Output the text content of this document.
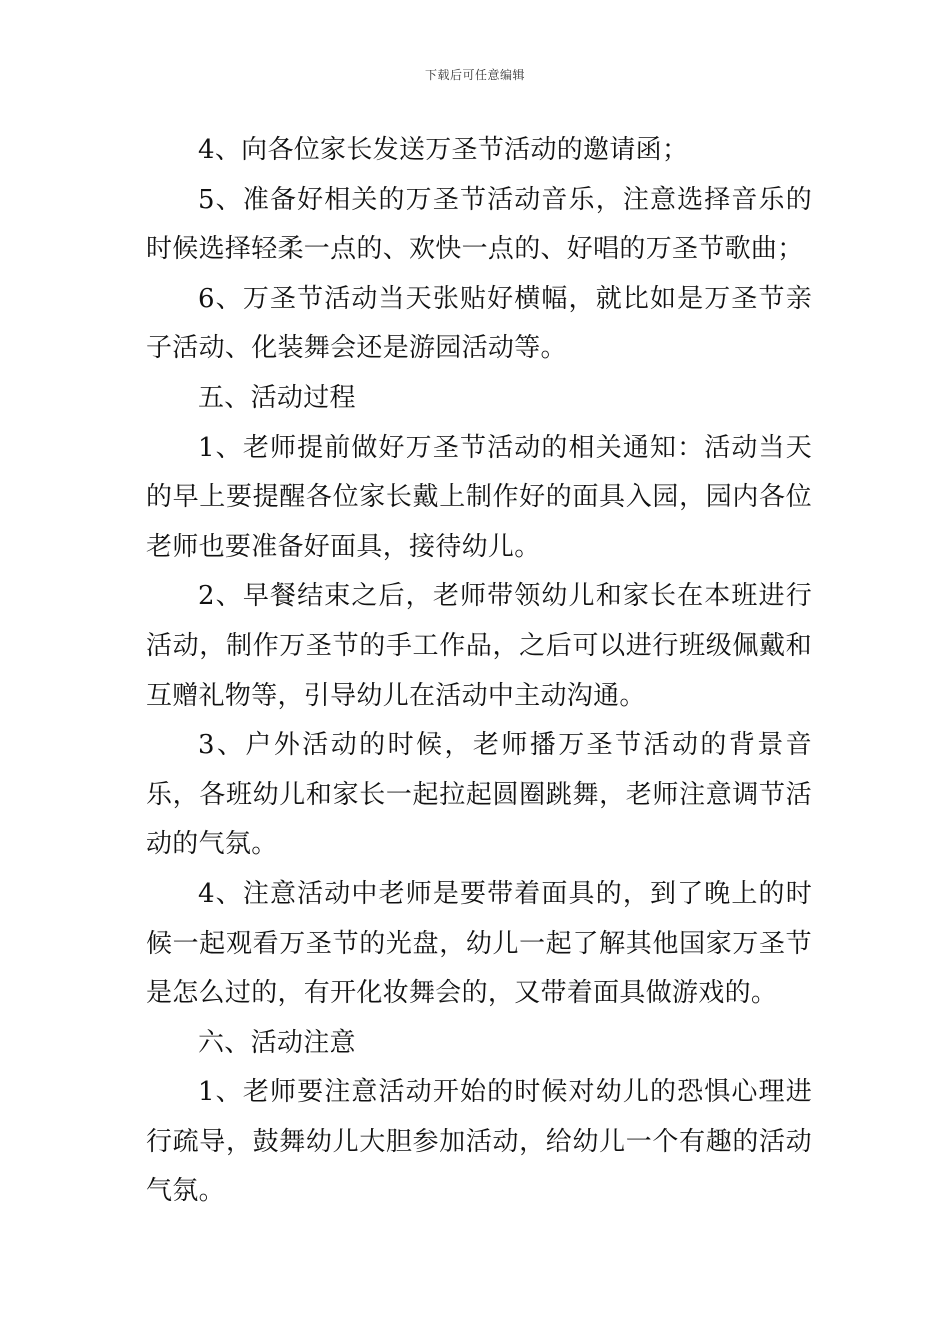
下载后可任意编辑

4、向各位家长发送万圣节活动的邀请函；

5、准备好相关的万圣节活动音乐，注意选择音乐的时候选择轻柔一点的、欢快一点的、好唱的万圣节歌曲；

6、万圣节活动当天张贴好横幅，就比如是万圣节亲子活动、化装舞会还是游园活动等。

五、活动过程

1、老师提前做好万圣节活动的相关通知：活动当天的早上要提醒各位家长戴上制作好的面具入园，园内各位老师也要准备好面具，接待幼儿。

2、早餐结束之后，老师带领幼儿和家长在本班进行活动，制作万圣节的手工作品，之后可以进行班级佩戴和互赠礼物等，引导幼儿在活动中主动沟通。

3、户外活动的时候，老师播万圣节活动的背景音乐，各班幼儿和家长一起拉起圆圈跳舞，老师注意调节活动的气氛。

4、注意活动中老师是要带着面具的，到了晚上的时候一起观看万圣节的光盘，幼儿一起了解其他国家万圣节是怎么过的，有开化妆舞会的，又带着面具做游戏的。

六、活动注意

1、老师要注意活动开始的时候对幼儿的恐惧心理进行疏导，鼓舞幼儿大胆参加活动，给幼儿一个有趣的活动气氛。
